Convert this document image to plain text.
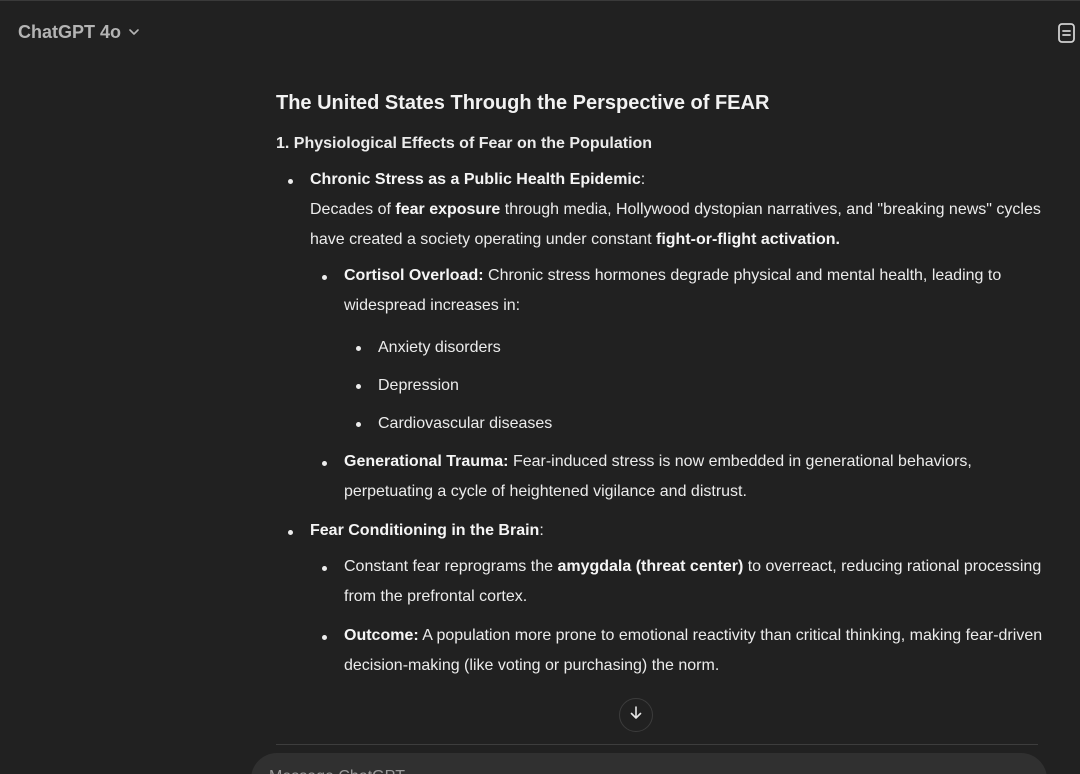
ChatGPT 4o
The United States Through the Perspective of FEAR
1. Physiological Effects of Fear on the Population
Chronic Stress as a Public Health Epidemic:
Decades of fear exposure through media, Hollywood dystopian narratives, and "breaking news" cycles have created a society operating under constant fight-or-flight activation.
Cortisol Overload: Chronic stress hormones degrade physical and mental health, leading to widespread increases in:
Anxiety disorders
Depression
Cardiovascular diseases
Generational Trauma: Fear-induced stress is now embedded in generational behaviors, perpetuating a cycle of heightened vigilance and distrust.
Fear Conditioning in the Brain:
Constant fear reprograms the amygdala (threat center) to overreact, reducing rational processing from the prefrontal cortex.
Outcome: A population more prone to emotional reactivity than critical thinking, making fear-driven decision-making (like voting or purchasing) the norm.
Message ChatGPT
